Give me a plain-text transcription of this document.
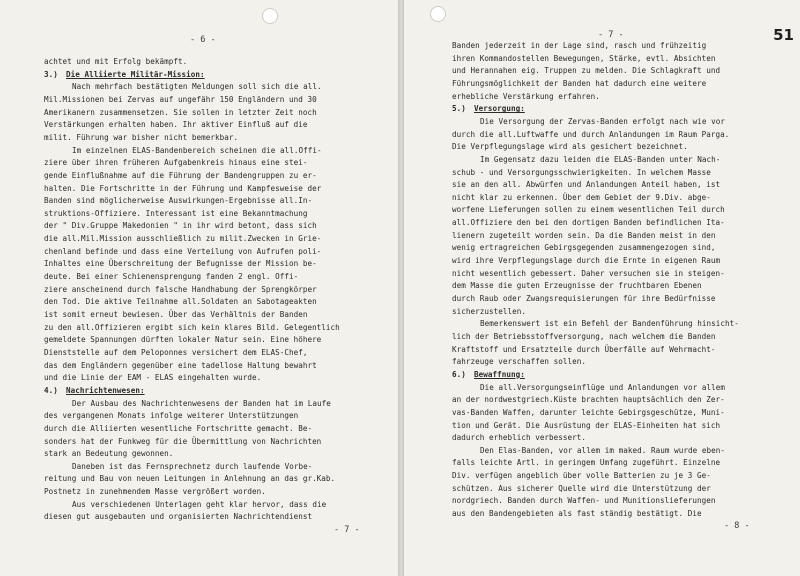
- 6 -
achtet und mit Erfolg bekämpft.
3.) Die Alliierte Militär-Mission:
Nach mehrfach bestätigten Meldungen soll sich die all.
Mil.Missionen bei Zervas auf ungefähr 150 Engländern und 30
Amerikanern zusammensetzen. Sie sollen in letzter Zeit noch
Verstärkungen erhalten haben. Ihr aktiver Einfluß auf die
milit. Führung war bisher nicht bemerkbar.
Im einzelnen ELAS-Bandenbereich scheinen die all.Offi-
ziere über ihren früheren Aufgabenkreis hinaus eine stei-
gende Einflußnahme auf die Führung der Bandengruppen zu er-
halten. Die Fortschritte in der Führung und Kampfesweise der
Banden sind möglicherweise Auswirkungen-Ergebnisse all.In-
struktions-Offiziere. Interessant ist eine Bekanntmachung
der " Div.Gruppe Makedonien " in ihr wird betont, dass sich
die all.Mil.Mission ausschließlich zu milit.Zwecken in Grie-
chenland befinde und dass eine Verteilung von Aufrufen poli-
Inhaltes eine Überschreitung der Befugnisse der Mission be-
deute. Bei einer Schienensprengung fanden 2 engl. Offi-
ziere anscheinend durch falsche Handhabung der Sprengkörper
den Tod. Die aktive Teilnahme all.Soldaten an Sabotageakten
ist somit erneut bewiesen. Über das Verhältnis der Banden
zu den all.Offizieren ergibt sich kein klares Bild. Gelegentlich
gemeldete Spannungen dürften lokaler Natur sein. Eine höhere
Dienststelle auf dem Peloponnes versichert dem ELAS-Chef,
das dem Engländern gegenüber eine tadellose Haltung bewahrt
und die Linie der EAM - ELAS eingehalten wurde.
4.) Nachrichtenwesen:
Der Ausbau des Nachrichtenwesens der Banden hat im Laufe
des vergangenen Monats infolge weiterer Unterstützungen
durch die Alliierten wesentliche Fortschritte gemacht. Be-
sonders hat der Funkweg für die Übermittlung von Nachrichten
stark an Bedeutung gewonnen.
Daneben ist das Fernsprechnetz durch laufende Vorbe-
reitung und Bau von neuen Leitungen in Anlehnung an das gr.Kab.
Postnetz in zunehmendem Masse vergrößert worden.
Aus verschiedenen Unterlagen geht klar hervor, dass die
diesen gut ausgebauten und organisierten Nachrichtendienst
- 7 -
- 7 -	51
Banden jederzeit in der Lage sind, rasch und frühzeitig
ihren Kommandostellen Bewegungen, Stärke, evtl. Absichten
und Herannahen eig. Truppen zu melden. Die Schlagkraft und
Führungsmöglichkeit der Banden hat dadurch eine weitere
erhebliche Verstärkung erfahren.
5.) Versorgung:
Die Versorgung der Zervas-Banden erfolgt nach wie vor
durch die all.Luftwaffe und durch Anlandungen im Raum Parga.
Die Verpflegungslage wird als gesichert bezeichnet.
Im Gegensatz dazu leiden die ELAS-Banden unter Nach-
schub - und Versorgungsschwierigkeiten. In welchem Masse
sie an den all. Abwürfen und Anlandungen Anteil haben, ist
nicht klar zu erkennen. Über dem Gebiet der 9.Div. abge-
worfene Lieferungen sollen zu einem wesentlichen Teil durch
all.Offiziere den bei den dortigen Banden befindlichen Ita-
lienern zugeteilt worden sein. Da die Banden meist in den
wenig ertragreichen Gebirgsgegenden zusammengezogen sind,
wird ihre Verpflegungslage durch die Ernte in eigenen Raum
nicht wesentlich gebessert. Daher versuchen sie in steigen-
dem Masse die guten Erzeugnisse der fruchtbaren Ebenen
durch Raub oder Zwangsrequisierungen für ihre Bedürfnisse
sicherzustellen.
Bemerkenswert ist ein Befehl der Bandenführung hinsicht-
lich der Betriebsstoffversorgung, nach welchem die Banden
Kraftstoff und Ersatzteile durch Überfälle auf Wehrmacht-
fahrzeuge verschaffen sollen.
6.) Bewaffnung:
Die all.Versorgungseinflüge und Anlandungen vor allem
an der nordwestgriech.Küste brachten hauptsächlich den Zer-
vas-Banden Waffen, darunter leichte Gebirgsgeschütze, Muni-
tion und Gerät. Die Ausrüstung der ELAS-Einheiten hat sich
dadurch erheblich verbessert.
Den Elas-Banden, vor allem im maked. Raum wurde eben-
falls leichte Artl. in geringem Umfang zugeführt. Einzelne
Div. verfügen angeblich über volle Batterien zu je 3 Ge-
schützen. Aus sicherer Quelle wird die Unterstützung der
nordgriech. Banden durch Waffen- und Munitionslieferungen
aus den Bandengebieten als fast ständig bestätigt. Die
- 8 -
